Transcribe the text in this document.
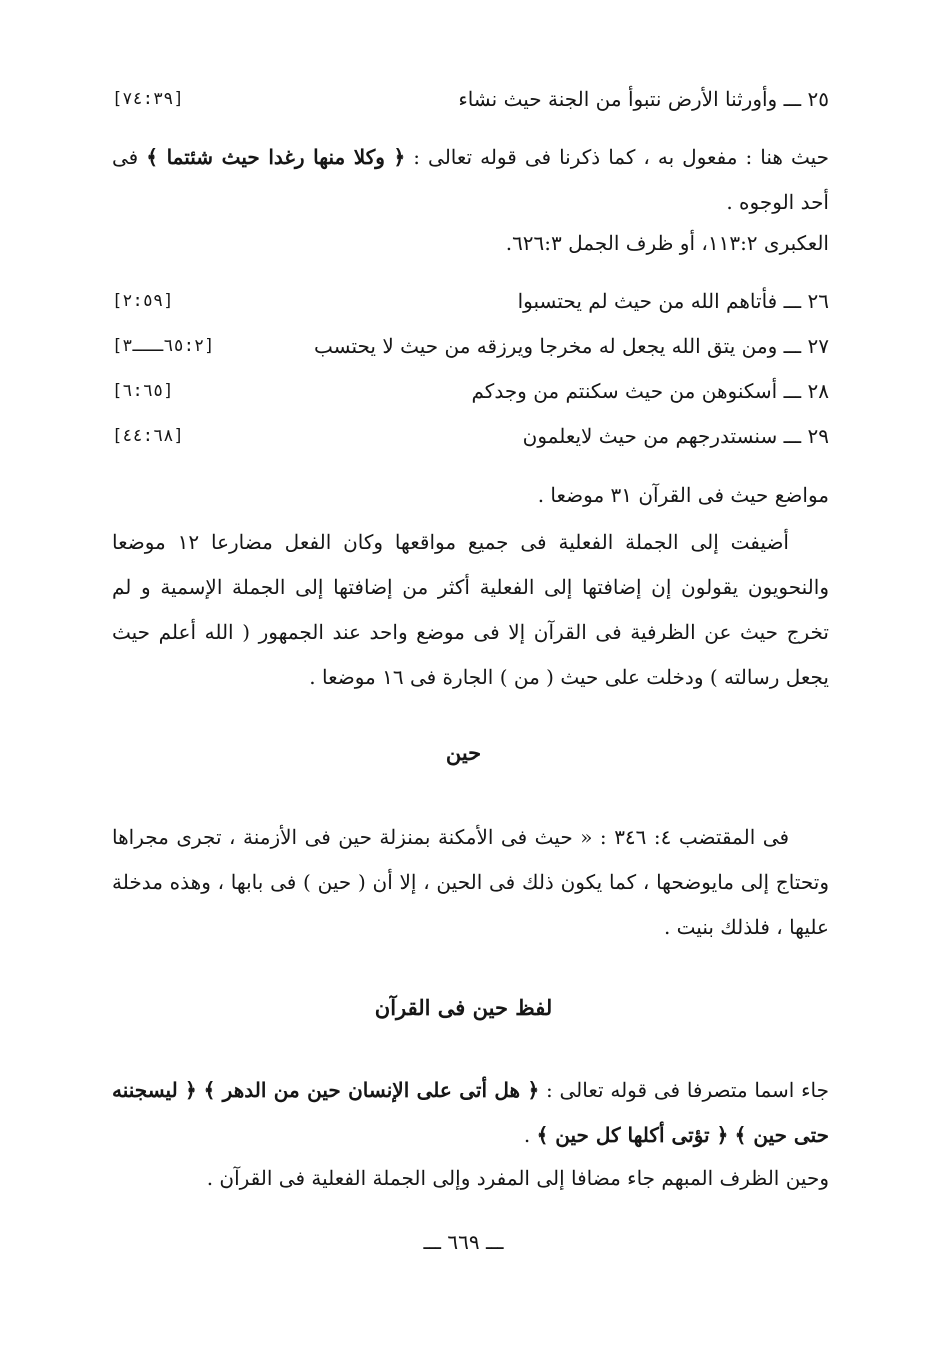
٢٥ ـــ وأورثنا الأرض نتبوأ من الجنة حيث نشاء
[٧٤:٣٩]
حيث هنا : مفعول به ، كما ذكرنا فى قوله تعالى : ﴿ وكلا منها رغدا حيث شئتما ﴾ فى أحد الوجوه .
العكبرى ١١٣:٢، أو ظرف الجمل ٦٢٦:٣.
٢٦ ـــ فأتاهم الله من حيث لم يحتسبوا
[٢:٥٩]
٢٧ ـــ ومن يتق الله يجعل له مخرجا ويرزقه من حيث لا يحتسب
[٦٥:٢ـــ٣]
٢٨ ـــ أسكنوهن من حيث سكنتم من وجدكم
[٦:٦٥]
٢٩ ـــ سنستدرجهم من حيث لايعلمون
[٤٤:٦٨]
مواضع حيث فى القرآن ٣١ موضعا .
أضيفت إلى الجملة الفعلية فى جميع مواقعها وكان الفعل مضارعا ١٢ موضعا والنحويون يقولون إن إضافتها إلى الفعلية أكثر من إضافتها إلى الجملة الإسمية و لم تخرج حيث عن الظرفية فى القرآن إلا فى موضع واحد عند الجمهور ( الله أعلم حيث يجعل رسالته ) ودخلت على حيث ( من ) الجارة فى ١٦ موضعا .
حين
فى المقتضب ٤: ٣٤٦ : « حيث فى الأمكنة بمنزلة حين فى الأزمنة ، تجرى مجراها وتحتاج إلى مايوضحها ، كما يكون ذلك فى الحين ، إلا أن ( حين ) فى بابها ، وهذه مدخلة عليها ، فلذلك بنيت .
لفظ حين فى القرآن
جاء اسما متصرفا فى قوله تعالى : ﴿ هل أتى على الإنسان حين من الدهر ﴾ ﴿ ليسجننه حتى حين ﴾ ﴿ تؤتى أكلها كل حين ﴾ .
وحين الظرف المبهم جاء مضافا إلى المفرد وإلى الجملة الفعلية فى القرآن .
ـــ ٦٦٩ ـــ
